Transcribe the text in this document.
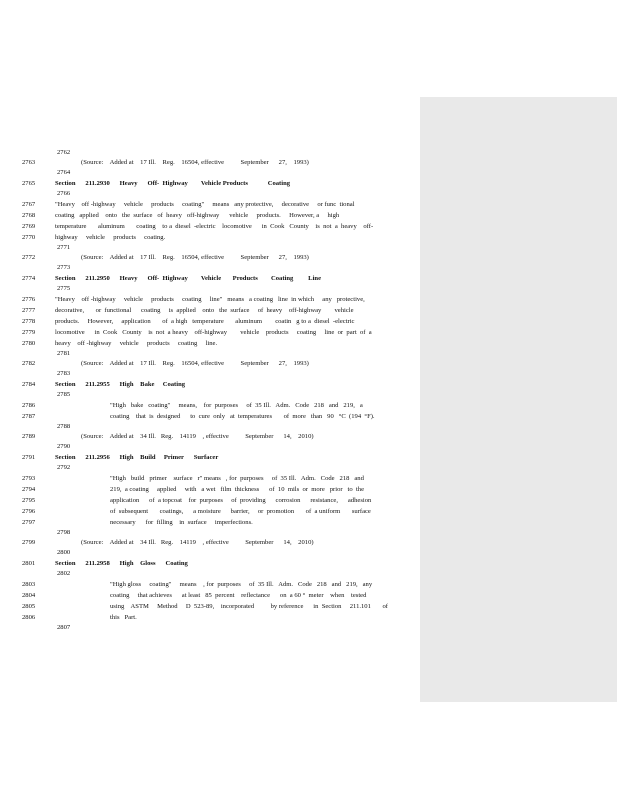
2762
2763	(Source:    Added at    17 Ill.    Reg.    16504, effective          September      27,    1993)
2764
2765	Section      211.2930      Heavy      Off-  Highway        Vehicle Products            Coating
2766
2767	"Heavy    off -highway     vehicle     products     coating"     means   any protective,     decorative     or func  tional
2768	coating   applied    onto   the  surface   of  heavy   off-highway      vehicle     products.     However, a     high
2769	temperature       aluminum       coating    to a  diesel  -electric    locomotive      in  Cook   County    is  not  a  heavy    off-
2770	highway     vehicle     products     coating.
2771
2772	(Source:    Added at    17 Ill.    Reg.    16504, effective          September      27,    1993)
2773
2774	Section      211.2950      Heavy      Off-  Highway        Vehicle       Products        Coating         Line
2775
2776	"Heavy    off -highway     vehicle     products     coating     line"   means   a coating   line  in which     any   protective,
2777	decorative,       or  functional      coating     is  applied    onto   the  surface     of  heavy    off-highway        vehicle
2778	products.     However,     application       of  a high   temperature       aluminum        coatin   g to a  diesel  -electric
2779	locomotive      in  Cook   County    is  not  a heavy    off-highway        vehicle    products     coating     line  or  part  of  a
2780	heavy    off -highway     vehicle     products     coating     line.
2781
2782	(Source:    Added at    17 Ill.    Reg.    16504, effective          September      27,    1993)
2783
2784	Section      211.2955      High    Bake     Coating
2785
2786	"High   bake   coating"     means,    for  purposes     of  35 Ill.   Adm.   Code   218   and   219,   a
2787	coating    that  is  designed      to  cure  only   at  temperatures       of  more   than   90   °C  (194  °F).
2788
2789	(Source:    Added at    34 Ill.   Reg.    14119    , effective          September      14,    2010)
2790
2791	Section      211.2956      High    Build     Primer      Surfacer
2792
2793	"High   build   primer    surface   r" means   , for  purposes     of  35 Ill.   Adm.   Code   218   and
2794	219,  a coating     applied     with   a wet   film  thickness      of  10  mils  or  more   prior   to  the
2795	application      of  a topcoat    for  purposes     of  providing      corrosion      resistance,      adhesion
2796	of  subsequent       coatings,      a moisture      barrier,     or  promotion       of  a uniform       surface
2797	necessary      for  filling    in  surface     imperfections.
2798
2799	(Source:    Added at    34 Ill.   Reg.    14119    , effective          September      14,    2010)
2800
2801	Section      211.2958      High    Gloss      Coating
2802
2803	"High gloss     coating"     means    , for  purposes     of  35 Ill.   Adm.   Code   218   and   219,   any
2804	coating     that achieves      at least   85  percent    reflectance      on  a 60 °  meter    when    tested
2805	using    ASTM     Method     D  523-89,    incorporated          by reference      in  Section     211.101       of
2806	this   Part.
2807
